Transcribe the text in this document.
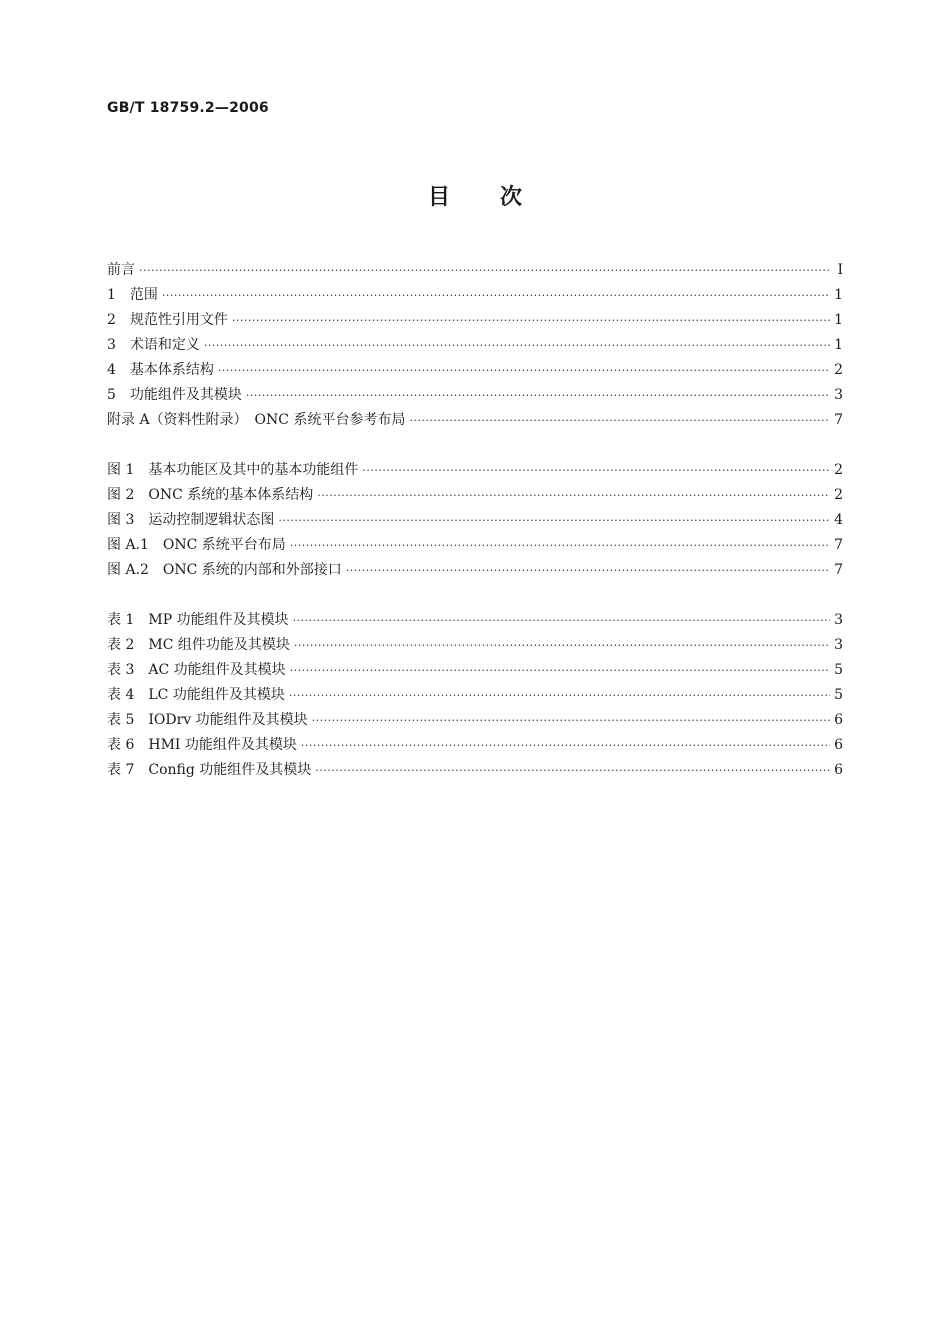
GB/T 18759.2—2006
目 次
前言 ·····	I
1　范围 ·····	1
2　规范性引用文件 ·····	1
3　术语和定义 ·····	1
4　基本体系结构 ·····	2
5　功能组件及其模块 ·····	3
附录 A（资料性附录）　ONC 系统平台参考布局 ·····	7
图 1　基本功能区及其中的基本功能组件 ·····	2
图 2　ONC 系统的基本体系结构 ·····	2
图 3　运动控制逻辑状态图 ·····	4
图 A.1　ONC 系统平台布局 ·····	7
图 A.2　ONC 系统的内部和外部接口 ·····	7
表 1　MP 功能组件及其模块 ·····	3
表 2　MC 组件功能及其模块 ·····	3
表 3　AC 功能组件及其模块 ·····	5
表 4　LC 功能组件及其模块 ·····	5
表 5　IODrv 功能组件及其模块 ·····	6
表 6　HMI 功能组件及其模块 ·····	6
表 7　Config 功能组件及其模块 ·····	6
